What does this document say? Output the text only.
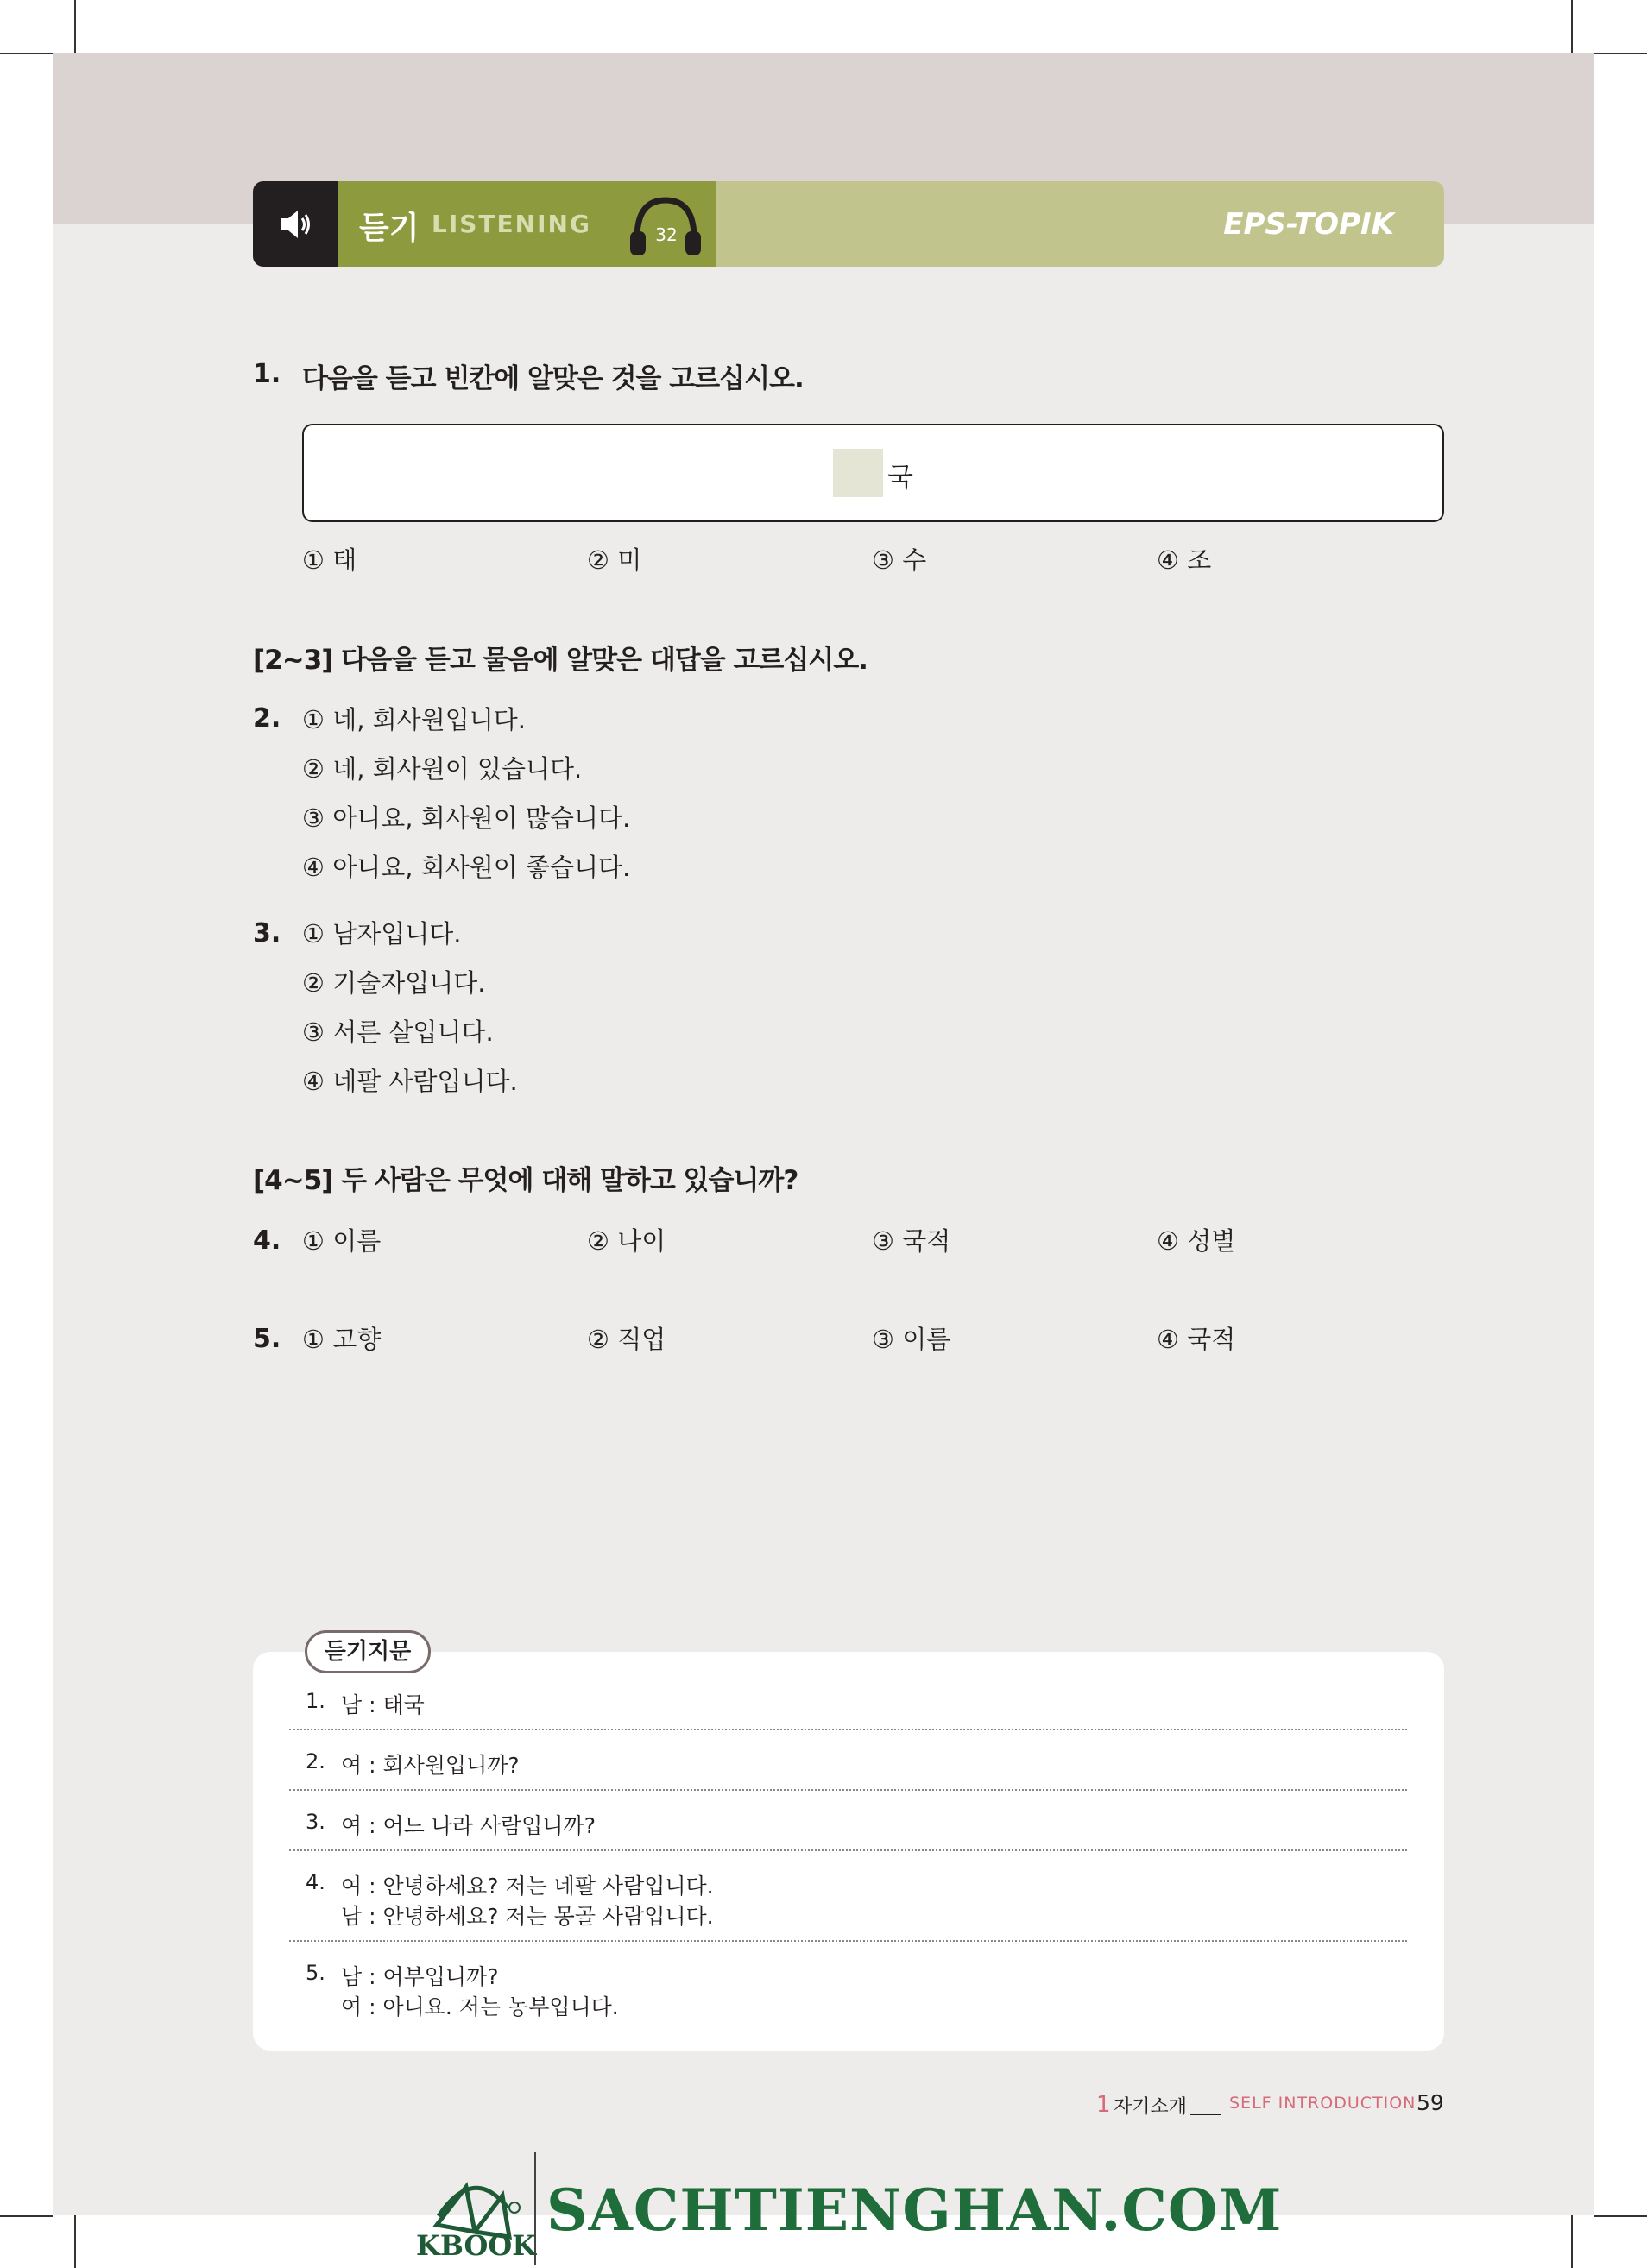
듣기 LISTENING	32	EPS-TOPIK
1. 다음을 듣고 빈칸에 알맞은 것을 고르십시오.
국
① 태	② 미	③ 수	④ 조
[2~3] 다음을 듣고 물음에 알맞은 대답을 고르십시오.
2. ① 네, 회사원입니다.
② 네, 회사원이 있습니다.
③ 아니요, 회사원이 많습니다.
④ 아니요, 회사원이 좋습니다.
3. ① 남자입니다.
② 기술자입니다.
③ 서른 살입니다.
④ 네팔 사람입니다.
[4~5] 두 사람은 무엇에 대해 말하고 있습니까?
4. ① 이름	② 나이	③ 국적	④ 성별
5. ① 고향	② 직업	③ 이름	④ 국적
듣기지문
1. 남 : 태국
2. 여 : 회사원입니까?
3. 여 : 어느 나라 사람입니까?
4. 여 : 안녕하세요? 저는 네팔 사람입니다.
남 : 안녕하세요? 저는 몽골 사람입니다.
5. 남 : 어부입니까?
여 : 아니요. 저는 농부입니다.
1 자기소개	SELF INTRODUCTION 59
KBOOK
SACHTIENGHAN.COM
